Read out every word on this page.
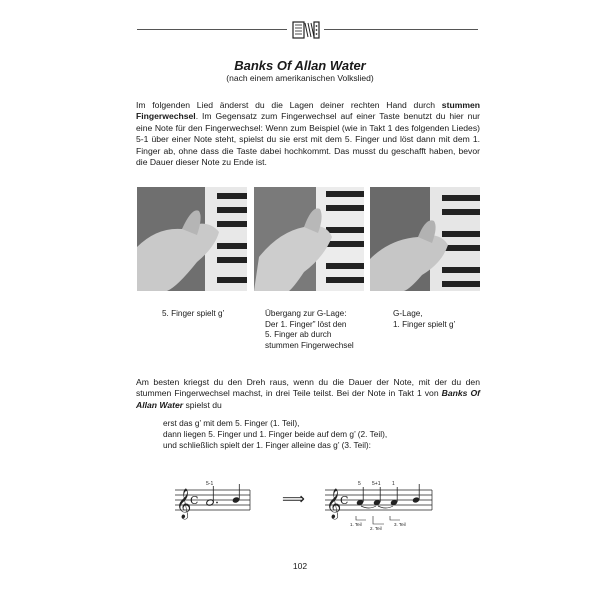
Banks Of Allan Water
(nach einem amerikanischen Volkslied)
Im folgenden Lied änderst du die Lagen deiner rechten Hand durch stummen Fingerwechsel. Im Gegensatz zum Fingerwechsel auf einer Taste benutzt du hier nur eine Note für den Fingerwechsel: Wenn zum Beispiel (wie in Takt 1 des folgenden Liedes) 5-1 über einer Note steht, spielst du sie erst mit dem 5. Finger und löst dann mit dem 1. Finger ab, ohne dass die Taste dabei hochkommt. Das musst du geschafft haben, bevor die Dauer dieser Note zu Ende ist.
5. Finger spielt g’	Übergang zur G-Lage:
Der 1. Finger” löst den
5. Finger ab durch
stummen Fingerwechsel
G-Lage,
1. Finger spielt g’
Am besten kriegst du den Dreh raus, wenn du die Dauer der Note, mit der du den stummen Fingerwechsel machst, in drei Teile teilst. Bei der Note in Takt 1 von Banks Of Allan Water spielst du
erst das g’ mit dem 5. Finger (1. Teil),
dann liegen 5. Finger und 1. Finger beide auf dem g’ (2. Teil),
und schließlich spielt der 1. Finger alleine das g’ (3. Teil):
𝄞
C
5-1
⟹ 𝄞
C
5 5+1 1
1. Teil
2. Teil
3. Teil
102
